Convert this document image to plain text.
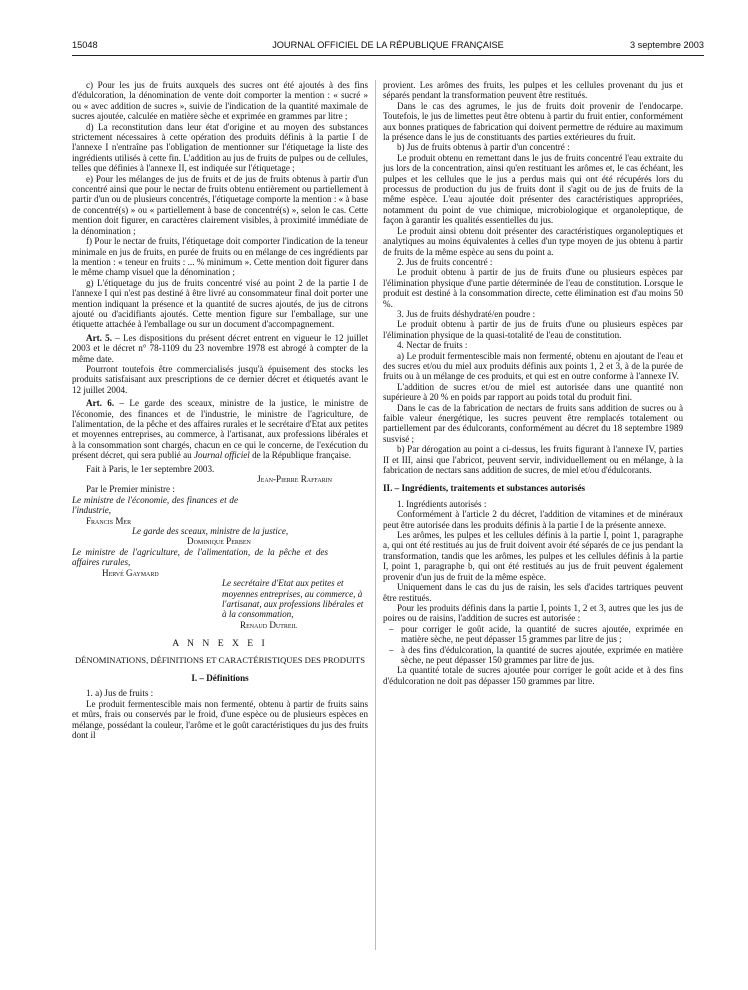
15048	JOURNAL OFFICIEL DE LA RÉPUBLIQUE FRANÇAISE	3 septembre 2003

c) Pour les jus de fruits auxquels des sucres ont été ajoutés à des fins d'édulcoration, la dénomination de vente doit comporter la mention : « sucré » ou « avec addition de sucres », suivie de l'indication de la quantité maximale de sucres ajoutée, calculée en matière sèche et exprimée en grammes par litre ;

d) La reconstitution dans leur état d'origine et au moyen des substances strictement nécessaires à cette opération des produits définis à la partie I de l'annexe I n'entraîne pas l'obligation de mentionner sur l'étiquetage la liste des ingrédients utilisés à cette fin. L'addition au jus de fruits de pulpes ou de cellules, telles que définies à l'annexe II, est indiquée sur l'étiquetage ;

e) Pour les mélanges de jus de fruits et de jus de fruits obtenus à partir d'un concentré ainsi que pour le nectar de fruits obtenu entièrement ou partiellement à partir d'un ou de plusieurs concentrés, l'étiquetage comporte la mention : « à base de concentré(s) » ou « partiellement à base de concentré(s) », selon le cas. Cette mention doit figurer, en caractères clairement visibles, à proximité immédiate de la dénomination ;

f) Pour le nectar de fruits, l'étiquetage doit comporter l'indication de la teneur minimale en jus de fruits, en purée de fruits ou en mélange de ces ingrédients par la mention : « teneur en fruits : ... % minimum ». Cette mention doit figurer dans le même champ visuel que la dénomination ;

g) L'étiquetage du jus de fruits concentré visé au point 2 de la partie I de l'annexe I qui n'est pas destiné à être livré au consommateur final doit porter une mention indiquant la présence et la quantité de sucres ajoutés, de jus de citrons ajouté ou d'acidifiants ajoutés. Cette mention figure sur l'emballage, sur une étiquette attachée à l'emballage ou sur un document d'accompagnement.

Art. 5. – Les dispositions du présent décret entrent en vigueur le 12 juillet 2003 et le décret n° 78-1109 du 23 novembre 1978 est abrogé à compter de la même date.

Pourront toutefois être commercialisés jusqu'à épuisement des stocks les produits satisfaisant aux prescriptions de ce dernier décret et étiquetés avant le 12 juillet 2004.

Art. 6. – Le garde des sceaux, ministre de la justice, le ministre de l'économie, des finances et de l'industrie, le ministre de l'agriculture, de l'alimentation, de la pêche et des affaires rurales et le secrétaire d'Etat aux petites et moyennes entreprises, au commerce, à l'artisanat, aux professions libérales et à la consommation sont chargés, chacun en ce qui le concerne, de l'exécution du présent décret, qui sera publié au Journal officiel de la République française.

Fait à Paris, le 1er septembre 2003.

Jean-Pierre Raffarin

Par le Premier ministre :

Le ministre de l'économie, des finances et de l'industrie,

Francis Mer

Le garde des sceaux, ministre de la justice,

Dominique Perben

Le ministre de l'agriculture, de l'alimentation, de la pêche et des affaires rurales,

Hervé Gaymard

Le secrétaire d'Etat aux petites et moyennes entreprises, au commerce, à l'artisanat, aux professions libérales et à la consommation,

Renaud Dutreil

A N N E X E I

DÉNOMINATIONS, DÉFINITIONS ET CARACTÉRISTIQUES DES PRODUITS

I. – Définitions

1. a) Jus de fruits :

Le produit fermentescible mais non fermenté, obtenu à partir de fruits sains et mûrs, frais ou conservés par le froid, d'une espèce ou de plusieurs espèces en mélange, possédant la couleur, l'arôme et le goût caractéristiques du jus des fruits dont il

provient. Les arômes des fruits, les pulpes et les cellules provenant du jus et séparés pendant la transformation peuvent être restitués.

Dans le cas des agrumes, le jus de fruits doit provenir de l'endocarpe. Toutefois, le jus de limettes peut être obtenu à partir du fruit entier, conformément aux bonnes pratiques de fabrication qui doivent permettre de réduire au maximum la présence dans le jus de constituants des parties extérieures du fruit.

b) Jus de fruits obtenus à partir d'un concentré :

Le produit obtenu en remettant dans le jus de fruits concentré l'eau extraite du jus lors de la concentration, ainsi qu'en restituant les arômes et, le cas échéant, les pulpes et les cellules que le jus a perdus mais qui ont été récupérés lors du processus de production du jus de fruits dont il s'agit ou de jus de fruits de la même espèce. L'eau ajoutée doit présenter des caractéristiques appropriées, notamment du point de vue chimique, microbiologique et organoleptique, de façon à garantir les qualités essentielles du jus.

Le produit ainsi obtenu doit présenter des caractéristiques organoleptiques et analytiques au moins équivalentes à celles d'un type moyen de jus obtenu à partir de fruits de la même espèce au sens du point a.

2. Jus de fruits concentré :

Le produit obtenu à partir de jus de fruits d'une ou plusieurs espèces par l'élimination physique d'une partie déterminée de l'eau de constitution. Lorsque le produit est destiné à la consommation directe, cette élimination est d'au moins 50 %.

3. Jus de fruits déshydraté/en poudre :

Le produit obtenu à partir de jus de fruits d'une ou plusieurs espèces par l'élimination physique de la quasi-totalité de l'eau de constitution.

4. Nectar de fruits :

a) Le produit fermentescible mais non fermenté, obtenu en ajoutant de l'eau et des sucres et/ou du miel aux produits définis aux points 1, 2 et 3, à de la purée de fruits ou à un mélange de ces produits, et qui est en outre conforme à l'annexe IV.

L'addition de sucres et/ou de miel est autorisée dans une quantité non supérieure à 20 % en poids par rapport au poids total du produit fini.

Dans le cas de la fabrication de nectars de fruits sans addition de sucres ou à faible valeur énergétique, les sucres peuvent être remplacés totalement ou partiellement par des édulcorants, conformément au décret du 18 septembre 1989 susvisé ;

b) Par dérogation au point a ci-dessus, les fruits figurant à l'annexe IV, parties II et III, ainsi que l'abricot, peuvent servir, individuellement ou en mélange, à la fabrication de nectars sans addition de sucres, de miel et/ou d'édulcorants.

II. – Ingrédients, traitements et substances autorisés

1. Ingrédients autorisés :

Conformément à l'article 2 du décret, l'addition de vitamines et de minéraux peut être autorisée dans les produits définis à la partie I de la présente annexe.

Les arômes, les pulpes et les cellules définis à la partie I, point 1, paragraphe a, qui ont été restitués au jus de fruit doivent avoir été séparés de ce jus pendant la transformation, tandis que les arômes, les pulpes et les cellules définis à la partie I, point 1, paragraphe b, qui ont été restitués au jus de fruit peuvent également provenir d'un jus de fruit de la même espèce.

Uniquement dans le cas du jus de raisin, les sels d'acides tartriques peuvent être restitués.

Pour les produits définis dans la partie I, points 1, 2 et 3, autres que les jus de poires ou de raisins, l'addition de sucres est autorisée :

– pour corriger le goût acide, la quantité de sucres ajoutée, exprimée en matière sèche, ne peut dépasser 15 grammes par litre de jus ;
– à des fins d'édulcoration, la quantité de sucres ajoutée, exprimée en matière sèche, ne peut dépasser 150 grammes par litre de jus.

La quantité totale de sucres ajoutée pour corriger le goût acide et à des fins d'édulcoration ne doit pas dépasser 150 grammes par litre.
